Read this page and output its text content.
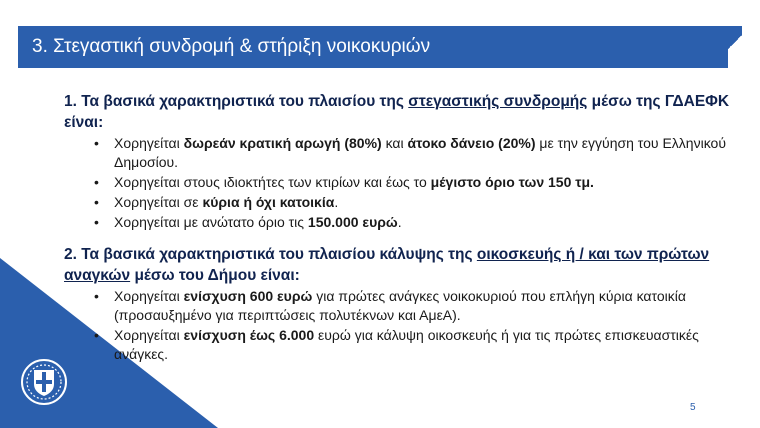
3. Στεγαστική συνδρομή & στήριξη νοικοκυριών

1. Τα βασικά χαρακτηριστικά του πλαισίου της στεγαστικής συνδρομής μέσω της ΓΔΑΕΦΚ είναι:

•	Χορηγείται δωρεάν κρατική αρωγή (80%) και άτοκο δάνειο (20%) με την εγγύηση του Ελληνικού Δημοσίου.
•	Χορηγείται στους ιδιοκτήτες των κτιρίων και έως το μέγιστο όριο των 150 τμ.
•	Χορηγείται σε κύρια ή όχι κατοικία.
•	Χορηγείται με ανώτατο όριο τις 150.000 ευρώ.

2. Τα βασικά χαρακτηριστικά του πλαισίου κάλυψης της οικοσκευής ή / και των πρώτων αναγκών μέσω του Δήμου είναι:

•	Χορηγείται ενίσχυση 600 ευρώ για πρώτες ανάγκες νοικοκυριού που επλήγη κύρια κατοικία (προσαυξημένο για περιπτώσεις πολυτέκνων και ΑμεΑ).
•	Χορηγείται ενίσχυση έως 6.000 ευρώ για κάλυψη οικοσκευής ή για τις πρώτες επισκευαστικές ανάγκες.
5
